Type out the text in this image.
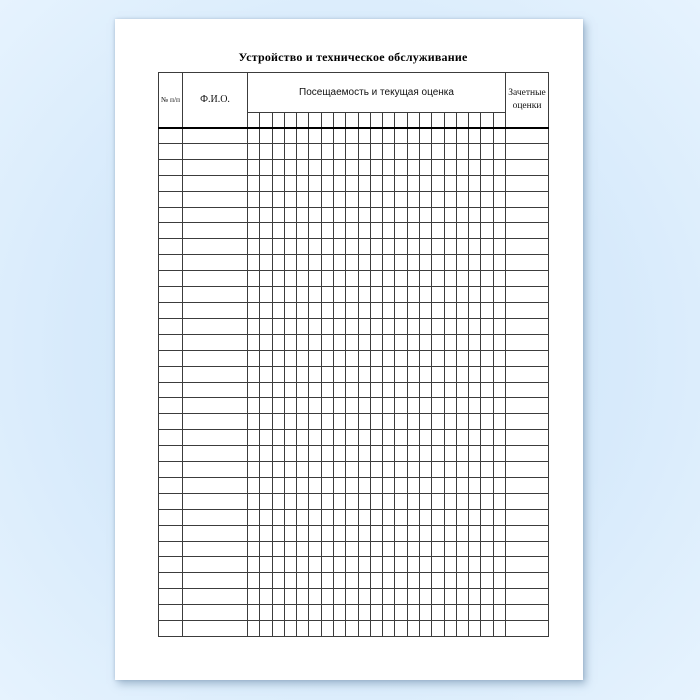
Устройство и техническое обслуживание
№ п/п	Ф.И.О.	Посещаемость и текущая оценка																					Зачетные оценки
